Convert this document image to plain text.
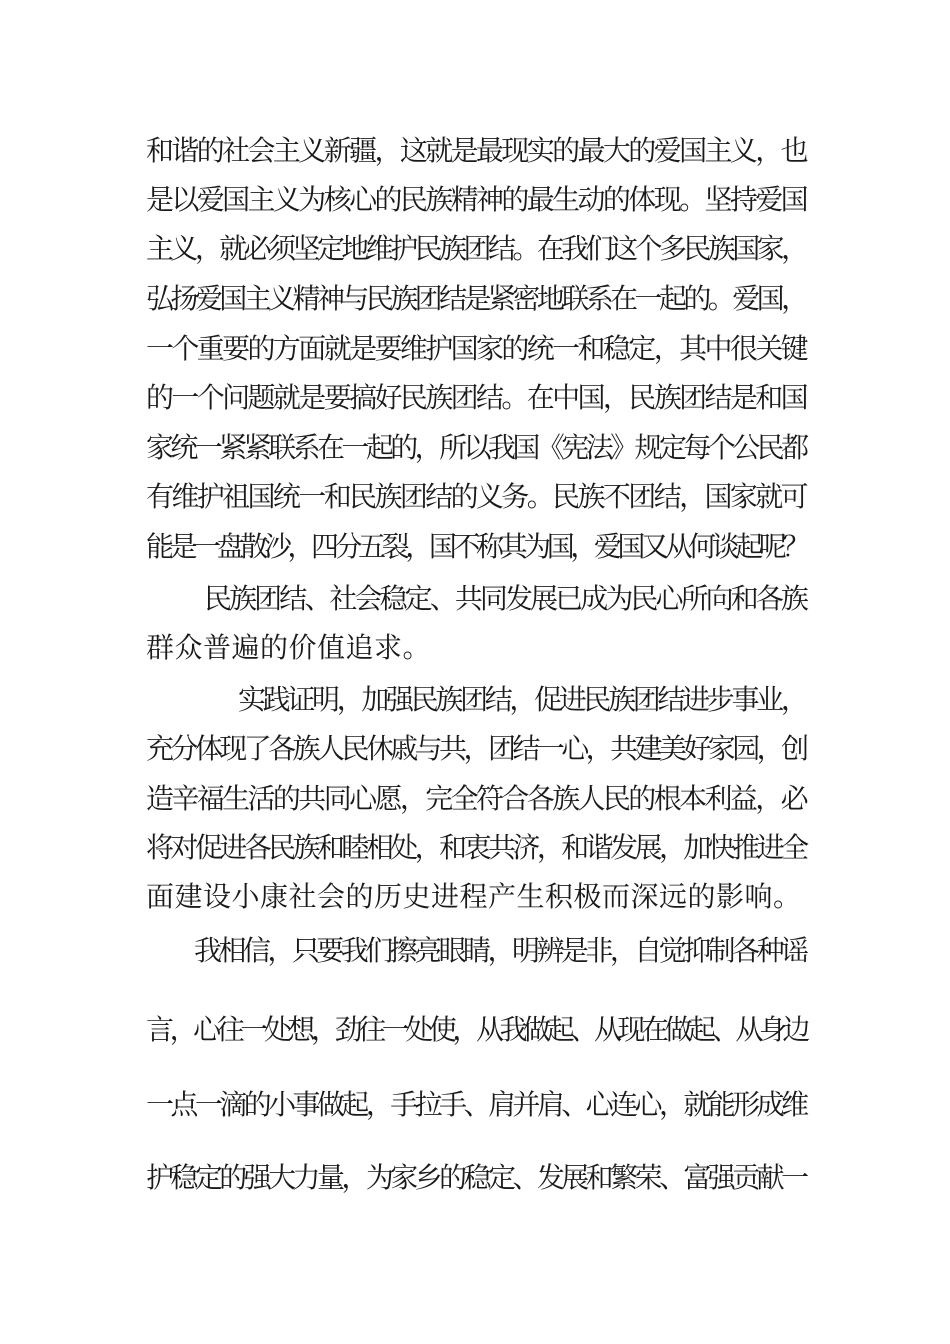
和谐的社会主义新疆，这就是最现实的最大的爱国主义，也
是以爱国主义为核心的民族精神的最生动的体现。坚持爱国
主义，就必须坚定地维护民族团结。在我们这个多民族国家，
弘扬爱国主义精神与民族团结是紧密地联系在一起的。爱国，
一个重要的方面就是要维护国家的统一和稳定，其中很关键
的一个问题就是要搞好民族团结。在中国，民族团结是和国
家统一紧紧联系在一起的，所以我国《宪法》规定每个公民都
有维护祖国统一和民族团结的义务。民族不团结，国家就可
能是一盘散沙，四分五裂，国不称其为国，爱国又从何谈起呢？
民族团结、社会稳定、共同发展已成为民心所向和各族
群众普遍的价值追求。
实践证明，加强民族团结，促进民族团结进步事业，
充分体现了各族人民休戚与共，团结一心，共建美好家园，创
造辛福生活的共同心愿，完全符合各族人民的根本利益，必
将对促进各民族和睦相处，和衷共济，和谐发展，加快推进全
面建设小康社会的历史进程产生积极而深远的影响。
我相信，只要我们擦亮眼睛，明辨是非，自觉抑制各种谣
言，心往一处想，劲往一处使，从我做起、从现在做起、从身边
一点一滴的小事做起，手拉手、肩并肩、心连心，就能形成维
护稳定的强大力量，为家乡的稳定、发展和繁荣、富强贡献一
